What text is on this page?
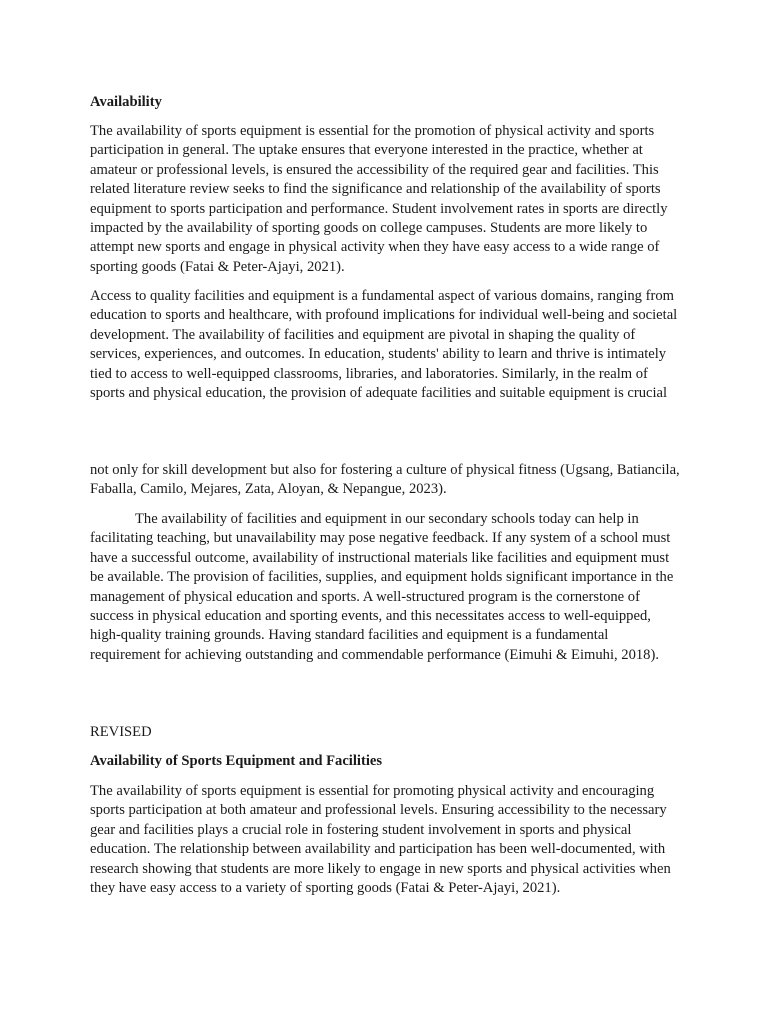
Availability

The availability of sports equipment is essential for the promotion of physical activity and sports participation in general. The uptake ensures that everyone interested in the practice, whether at amateur or professional levels, is ensured the accessibility of the required gear and facilities. This related literature review seeks to find the significance and relationship of the availability of sports equipment to sports participation and performance. Student involvement rates in sports are directly impacted by the availability of sporting goods on college campuses. Students are more likely to attempt new sports and engage in physical activity when they have easy access to a wide range of sporting goods (Fatai & Peter-Ajayi, 2021).

Access to quality facilities and equipment is a fundamental aspect of various domains, ranging from education to sports and healthcare, with profound implications for individual well-being and societal development. The availability of facilities and equipment are pivotal in shaping the quality of services, experiences, and outcomes. In education, students' ability to learn and thrive is intimately tied to access to well-equipped classrooms, libraries, and laboratories. Similarly, in the realm of sports and physical education, the provision of adequate facilities and suitable equipment is crucial

not only for skill development but also for fostering a culture of physical fitness (Ugsang, Batiancila, Faballa, Camilo, Mejares, Zata, Aloyan, & Nepangue, 2023).

The availability of facilities and equipment in our secondary schools today can help in facilitating teaching, but unavailability may pose negative feedback. If any system of a school must have a successful outcome, availability of instructional materials like facilities and equipment must be available. The provision of facilities, supplies, and equipment holds significant importance in the management of physical education and sports. A well-structured program is the cornerstone of success in physical education and sporting events, and this necessitates access to well-equipped, high-quality training grounds. Having standard facilities and equipment is a fundamental requirement for achieving outstanding and commendable performance (Eimuhi & Eimuhi, 2018).

REVISED

Availability of Sports Equipment and Facilities

The availability of sports equipment is essential for promoting physical activity and encouraging sports participation at both amateur and professional levels. Ensuring accessibility to the necessary gear and facilities plays a crucial role in fostering student involvement in sports and physical education. The relationship between availability and participation has been well-documented, with research showing that students are more likely to engage in new sports and physical activities when they have easy access to a variety of sporting goods (Fatai & Peter-Ajayi, 2021).
